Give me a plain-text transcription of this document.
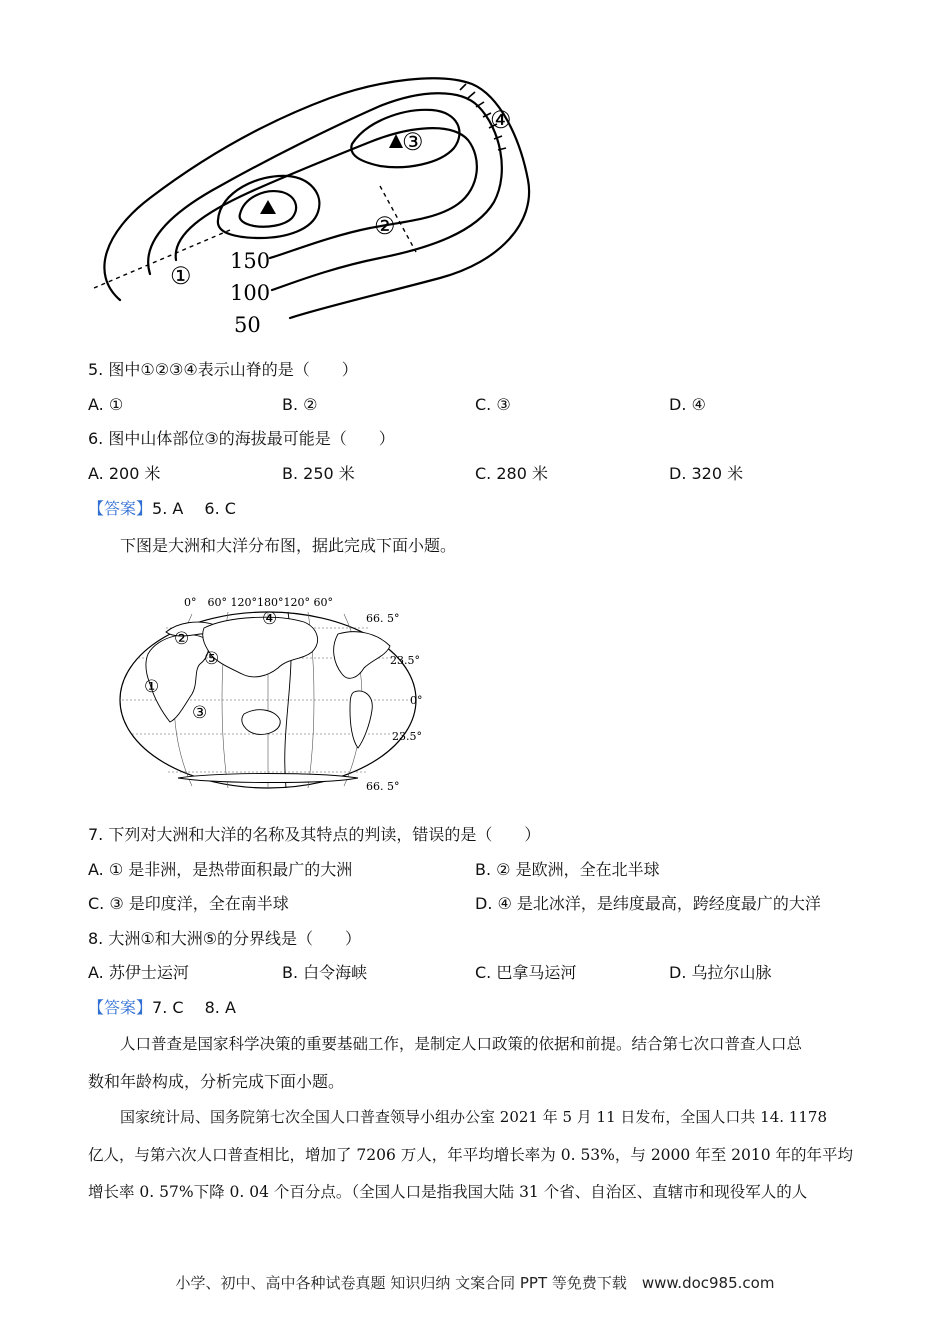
③
④
②
①
150
100
50
5. 图中①②③④表示山脊的是（　　）
A. ①	B. ②	C. ③	D. ④
6. 图中山体部位③的海拔最可能是（　　）
A. 200 米	B. 250 米	C. 280 米	D. 320 米
【答案】5. A　 6. C
下图是大洲和大洋分布图，据此完成下面小题。
0°　60° 120°180°120° 60°
66. 5°
23.5°
0°
23.5°
66. 5°
①
②
③
④
⑤
7. 下列对大洲和大洋的名称及其特点的判读，错误的是（　　）
A. ① 是非洲，是热带面积最广的大洲	B. ② 是欧洲，全在北半球
C. ③ 是印度洋，全在南半球	D. ④ 是北冰洋，是纬度最高，跨经度最广的大洋
8. 大洲①和大洲⑤的分界线是（　　）
A. 苏伊士运河	B. 白令海峡	C. 巴拿马运河	D. 乌拉尔山脉
【答案】7. C　 8. A
人口普查是国家科学决策的重要基础工作，是制定人口政策的依据和前提。结合第七次口普查人口总
数和年龄构成，分析完成下面小题。
国家统计局、国务院第七次全国人口普查领导小组办公室 2021 年 5 月 11 日发布，全国人口共 14. 1178
亿人，与第六次人口普查相比，增加了 7206 万人，年平均增长率为 0. 53%，与 2000 年至 2010 年的年平均
增长率 0. 57%下降 0. 04 个百分点。（全国人口是指我国大陆 31 个省、自治区、直辖市和现役军人的人
小学、初中、高中各种试卷真题 知识归纳 文案合同 PPT 等免费下载　www.doc985.com
